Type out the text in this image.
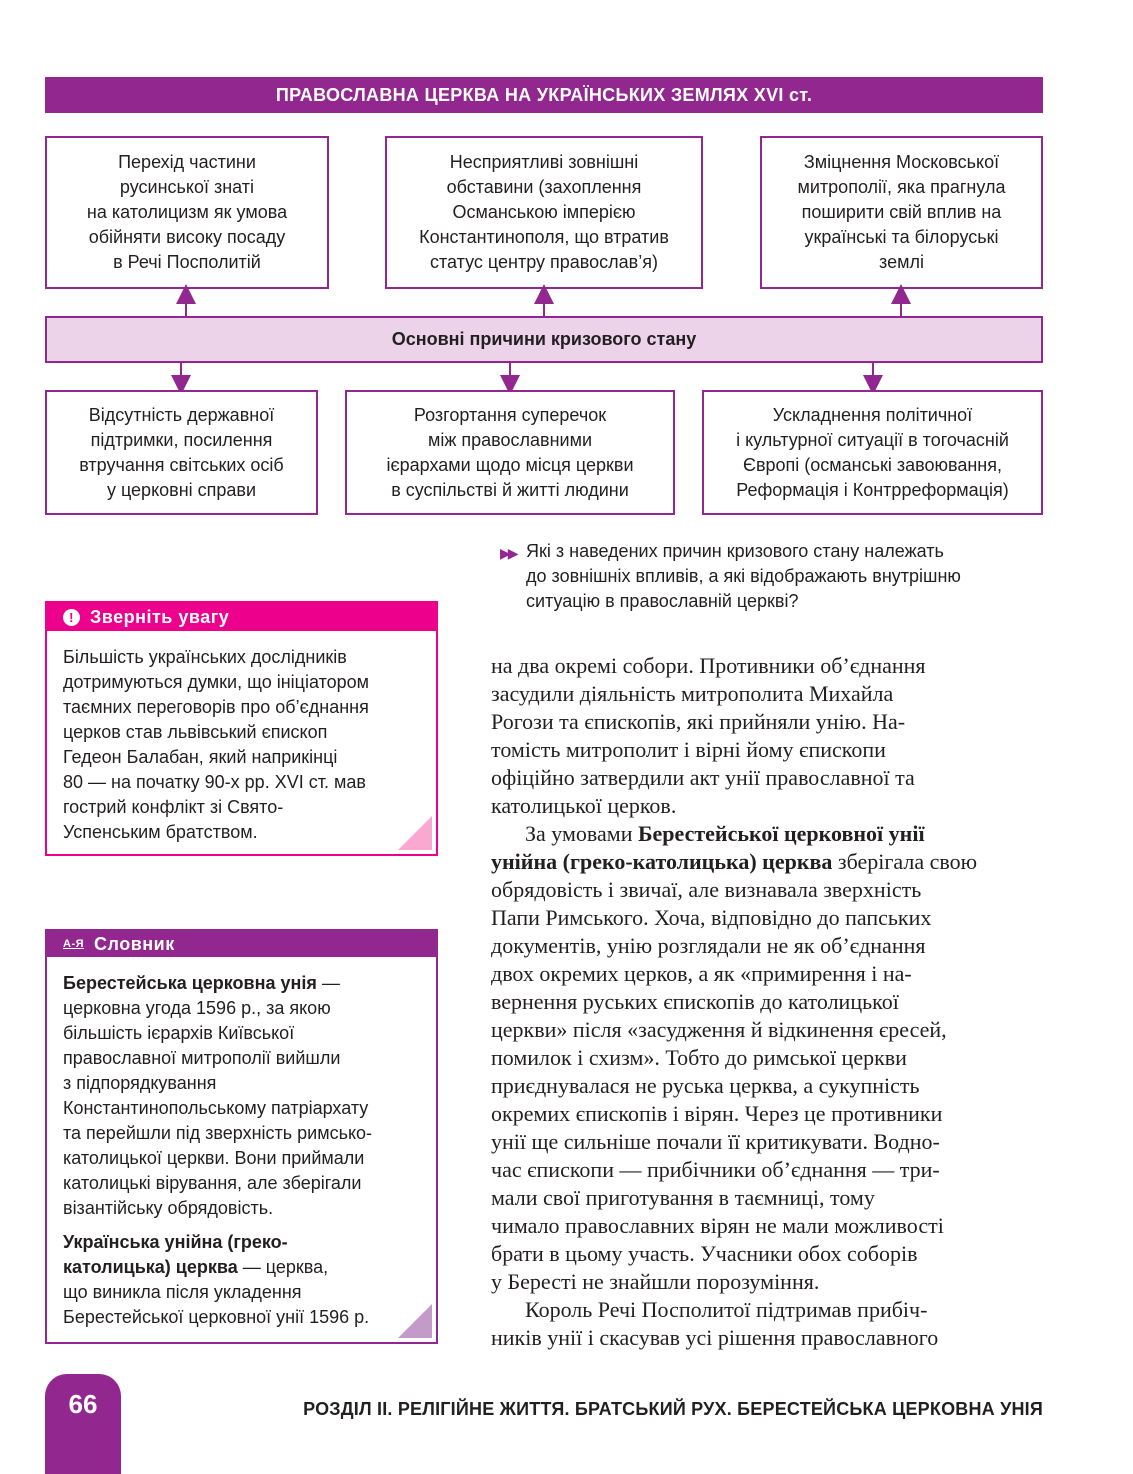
ПРАВОСЛАВНА ЦЕРКВА НА УКРАЇНСЬКИХ ЗЕМЛЯХ XVI ст.
Перехід частини
русинської знаті
на католицизм як умова
обійняти високу посаду
в Речі Посполитій
Несприятливі зовнішні
обставини (захоплення
Османською імперією
Константинополя, що втратив
статус центру православ’я)
Зміцнення Московської
митрополії, яка прагнула
поширити свій вплив на
українські та білоруські
землі
Основні причини кризового стану
Відсутність державної
підтримки, посилення
втручання світських осіб
у церковні справи
Розгортання суперечок
між православними
ієрархами щодо місця церкви
в суспільстві й житті людини
Ускладнення політичної
і культурної ситуації в тогочасній
Європі (османські завоювання,
Реформація і Контрреформація)
▶▶ Які з наведених причин кризового стану належать
до зовнішніх впливів, а які відображають внутрішню
ситуацію в православній церкві?
! Зверніть увагу
Більшість українських дослідників
дотримуються думки, що ініціатором
таємних переговорів про об’єднання
церков став львівський єпископ
Гедеон Балабан, який наприкінці
80 — на початку 90-х рр. XVI ст. мав
гострий конфлікт зі Свято-
Успенським братством.
А-Я Словник
Берестейська церковна унія —
церковна угода 1596 р., за якою
більшість ієрархів Київської
православної митрополії вийшли
з підпорядкування
Константинопольському патріархату
та перейшли під зверхність римсько-
католицької церкви. Вони приймали
католицькі вірування, але зберігали
візантійську обрядовість.
Українська унійна (греко-
католицька) церква — церква,
що виникла після укладення
Берестейської церковної унії 1596 р.

на два окремі собори. Противники об’єднання
засудили діяльність митрополита Михайла
Рогози та єпископів, які прийняли унію. На-
томість митрополит і вірні йому єпископи
офіційно затвердили акт унії православної та
католицької церков.

За умовами Берестейської церковної унії
унійна (греко-католицька) церква зберігала свою
обрядовість і звичаї, але визнавала зверхність
Папи Римського. Хоча, відповідно до папських
документів, унію розглядали не як об’єднання
двох окремих церков, а як «примирення і на-
вернення руських єпископів до католицької
церкви» після «засудження й відкинення єресей,
помилок і схизм». Тобто до римської церкви
приєднувалася не руська церква, а сукупність
окремих єпископів і вірян. Через це противники
унії ще сильніше почали її критикувати. Водно-
час єпископи — прибічники об’єднання — три-
мали свої приготування в таємниці, тому
чимало православних вірян не мали можливості
брати в цьому участь. Учасники обох соборів
у Бересті не знайшли порозуміння.

Король Речі Посполитої підтримав прибіч-
ників унії і скасував усі рішення православного

66	РОЗДІЛ II. РЕЛІГІЙНЕ ЖИТТЯ. БРАТСЬКИЙ РУХ. БЕРЕСТЕЙСЬКА ЦЕРКОВНА УНІЯ
